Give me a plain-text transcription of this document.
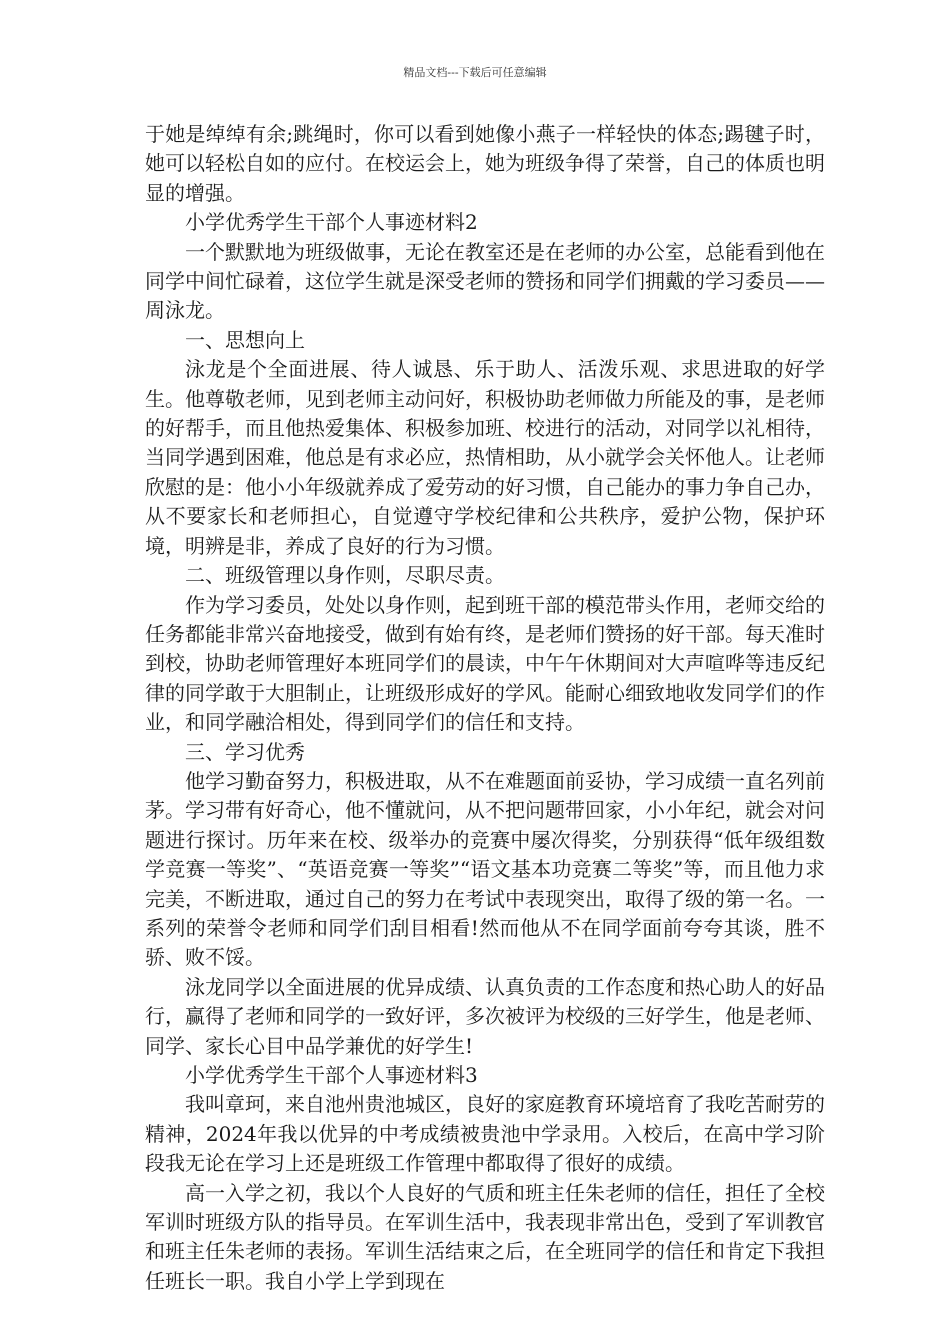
精品文档---下载后可任意编辑

于她是绰绰有余;跳绳时，你可以看到她像小燕子一样轻快的体态;踢毽子时，她可以轻松自如的应付。在校运会上，她为班级争得了荣誉，自己的体质也明显的增强。

小学优秀学生干部个人事迹材料2

一个默默地为班级做事，无论在教室还是在老师的办公室，总能看到他在同学中间忙碌着，这位学生就是深受老师的赞扬和同学们拥戴的学习委员——周泳龙。

一、思想向上

泳龙是个全面进展、待人诚恳、乐于助人、活泼乐观、求思进取的好学生。他尊敬老师，见到老师主动问好，积极协助老师做力所能及的事，是老师的好帮手，而且他热爱集体、积极参加班、校进行的活动，对同学以礼相待，当同学遇到困难，他总是有求必应，热情相助，从小就学会关怀他人。让老师欣慰的是：他小小年级就养成了爱劳动的好习惯，自己能办的事力争自己办，从不要家长和老师担心，自觉遵守学校纪律和公共秩序，爱护公物，保护环境，明辨是非，养成了良好的行为习惯。

二、班级管理以身作则，尽职尽责。

作为学习委员，处处以身作则，起到班干部的模范带头作用，老师交给的任务都能非常兴奋地接受，做到有始有终，是老师们赞扬的好干部。每天准时到校，协助老师管理好本班同学们的晨读，中午午休期间对大声喧哗等违反纪律的同学敢于大胆制止，让班级形成好的学风。能耐心细致地收发同学们的作业，和同学融洽相处，得到同学们的信任和支持。

三、学习优秀

他学习勤奋努力，积极进取，从不在难题面前妥协，学习成绩一直名列前茅。学习带有好奇心，他不懂就问，从不把问题带回家，小小年纪，就会对问题进行探讨。历年来在校、级举办的竞赛中屡次得奖，分别获得“低年级组数学竞赛一等奖”、“英语竞赛一等奖”“语文基本功竞赛二等奖”等，而且他力求完美，不断进取，通过自己的努力在考试中表现突出，取得了级的第一名。一系列的荣誉令老师和同学们刮目相看!然而他从不在同学面前夸夸其谈，胜不骄、败不馁。

泳龙同学以全面进展的优异成绩、认真负责的工作态度和热心助人的好品行，赢得了老师和同学的一致好评，多次被评为校级的三好学生，他是老师、同学、家长心目中品学兼优的好学生!

小学优秀学生干部个人事迹材料3

我叫章珂，来自池州贵池城区，良好的家庭教育环境培育了我吃苦耐劳的精神，2024年我以优异的中考成绩被贵池中学录用。入校后，在高中学习阶段我无论在学习上还是班级工作管理中都取得了很好的成绩。

高一入学之初，我以个人良好的气质和班主任朱老师的信任，担任了全校军训时班级方队的指导员。在军训生活中，我表现非常出色，受到了军训教官和班主任朱老师的表扬。军训生活结束之后，在全班同学的信任和肯定下我担任班长一职。我自小学上学到现在
